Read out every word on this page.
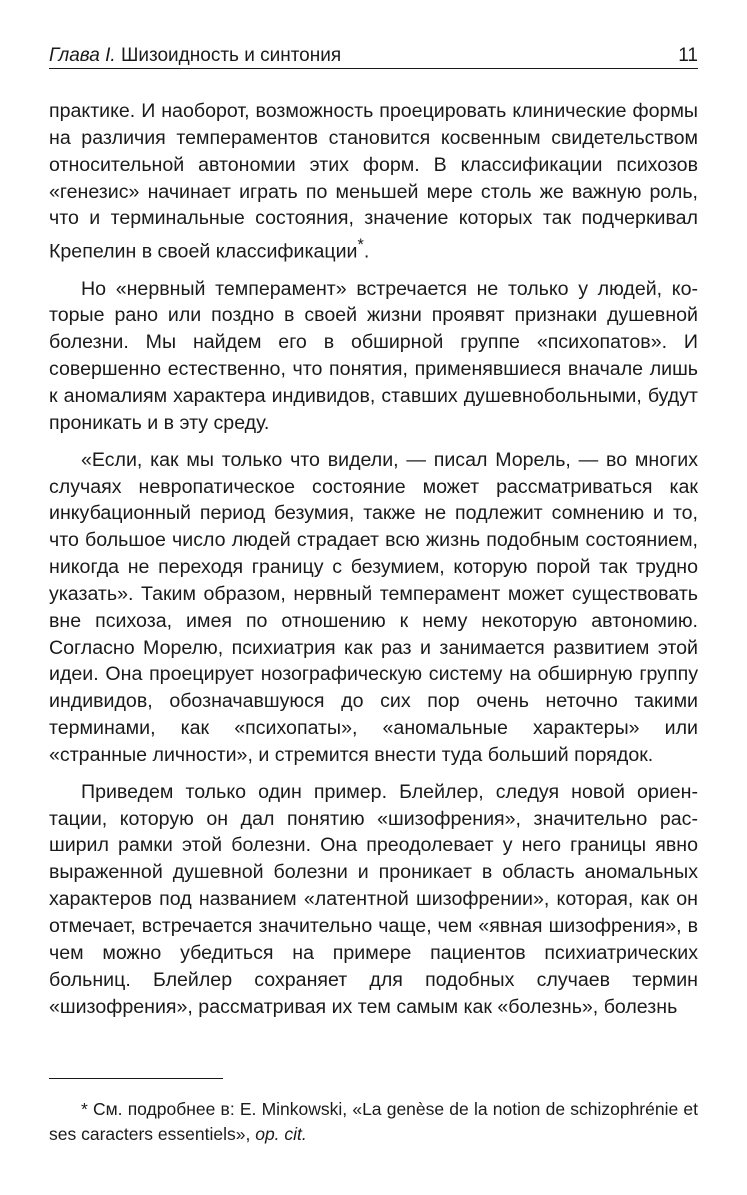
Глава I. Шизоидность и синтония	11

практике. И наоборот, возможность проецировать клинические формы на различия темпераментов становится косвенным свидетельством относительной автономии этих форм. В классификации психозов «генезис» начинает играть по меньшей мере столь же важную роль, что и терминальные состояния, значение которых так подчеркивал Крепелин в своей классификации*.

Но «нервный темперамент» встречается не только у людей, которые рано или поздно в своей жизни проявят признаки душевной болезни. Мы найдем его в обширной группе «психопатов». И совершенно естественно, что понятия, применявшиеся вначале лишь к аномалиям характера индивидов, ставших душевнобольными, будут проникать и в эту среду.

«Если, как мы только что видели, — писал Морель, — во многих случаях невропатическое состояние может рассматриваться как инкубационный период безумия, также не подлежит сомнению и то, что большое число людей страдает всю жизнь подобным состоянием, никогда не переходя границу с безумием, которую порой так трудно указать». Таким образом, нервный темперамент может существовать вне психоза, имея по отношению к нему некоторую автономию. Согласно Морелю, психиатрия как раз и занимается развитием этой идеи. Она проецирует нозографическую систему на обширную группу индивидов, обозначавшуюся до сих пор очень неточно такими терминами, как «психопаты», «аномальные характеры» или «странные личности», и стремится внести туда больший порядок.

Приведем только один пример. Блейлер, следуя новой ориентации, которую он дал понятию «шизофрения», значительно расширил рамки этой болезни. Она преодолевает у него границы явно выраженной душевной болезни и проникает в область аномальных характеров под названием «латентной шизофрении», которая, как он отмечает, встречается значительно чаще, чем «явная шизофрения», в чем можно убедиться на примере пациентов психиатрических больниц. Блейлер сохраняет для подобных случаев термин «шизофрения», рассматривая их тем самым как «болезнь», болезнь

* См. подробнее в: E. Minkowski, «La genèse de la notion de schizophrénie et ses caracters essentiels», op. cit.
